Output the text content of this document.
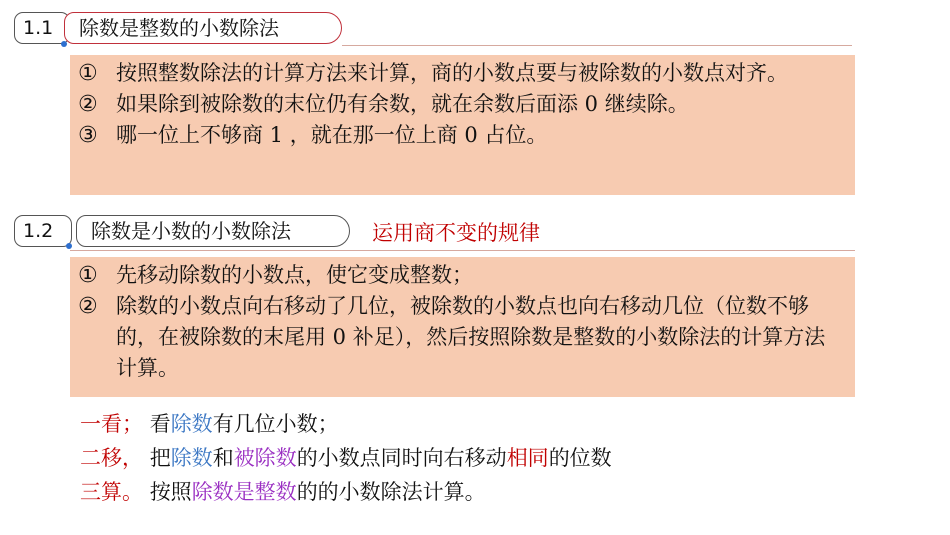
1.1	除数是整数的小数除法
① 按照整数除法的计算方法来计算，商的小数点要与被除数的小数点对齐。
② 如果除到被除数的末位仍有余数，就在余数后面添 0 继续除。
③ 哪一位上不够商 1 ，就在那一位上商 0 占位。
1.2	除数是小数的小数除法	运用商不变的规律
① 先移动除数的小数点，使它变成整数；
② 除数的小数点向右移动了几位，被除数的小数点也向右移动几位（位数不够的，在被除数的末尾用 0 补足），然后按照除数是整数的小数除法的计算方法计算。
一看； 看除数有几位小数；
二移， 把除数和被除数的小数点同时向右移动相同的位数
三算。 按照除数是整数的的小数除法计算。
